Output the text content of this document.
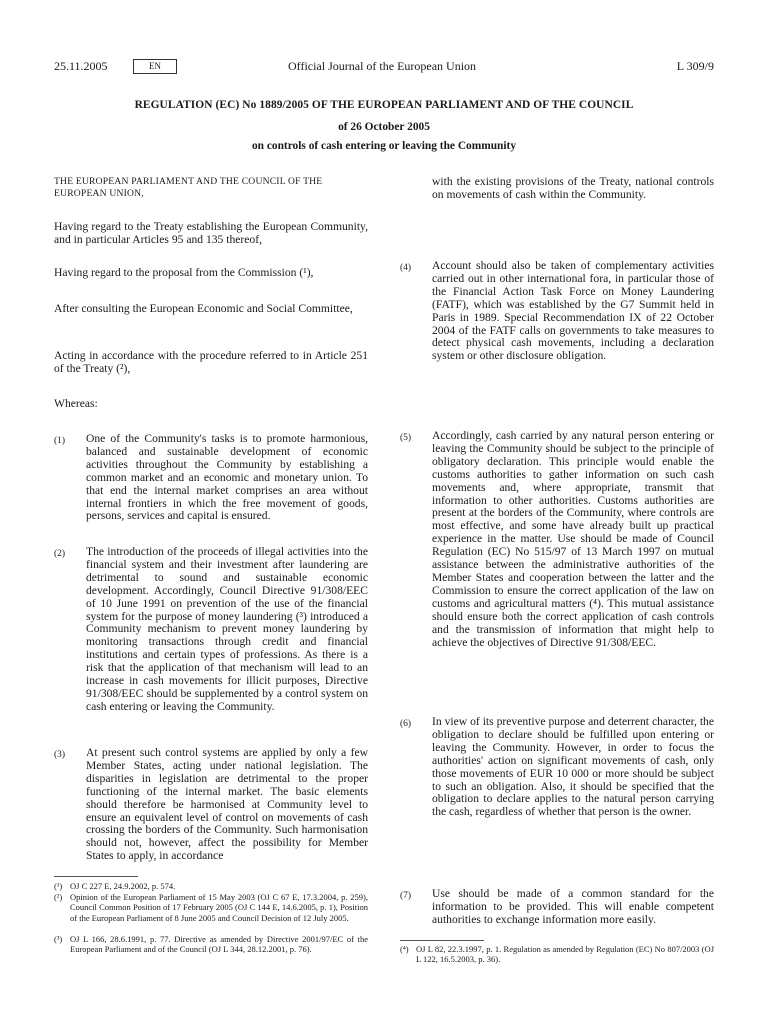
25.11.2005	EN	Official Journal of the European Union	L 309/9
REGULATION (EC) No 1889/2005 OF THE EUROPEAN PARLIAMENT AND OF THE COUNCIL
of 26 October 2005
on controls of cash entering or leaving the Community

THE EUROPEAN PARLIAMENT AND THE COUNCIL OF THE EUROPEAN UNION,

Having regard to the Treaty establishing the European Community, and in particular Articles 95 and 135 thereof,

Having regard to the proposal from the Commission (¹),

After consulting the European Economic and Social Committee,

Acting in accordance with the procedure referred to in Article 251 of the Treaty (²),

Whereas:

(1) One of the Community's tasks is to promote harmonious, balanced and sustainable development of economic activities throughout the Community by establishing a common market and an economic and monetary union. To that end the internal market comprises an area without internal frontiers in which the free movement of goods, persons, services and capital is ensured.
(2) The introduction of the proceeds of illegal activities into the financial system and their investment after laundering are detrimental to sound and sustainable economic development. Accordingly, Council Directive 91/308/EEC of 10 June 1991 on prevention of the use of the financial system for the purpose of money laundering (³) introduced a Community mechanism to prevent money laundering by monitoring transactions through credit and financial institutions and certain types of professions. As there is a risk that the application of that mechanism will lead to an increase in cash movements for illicit purposes, Directive 91/308/EEC should be supplemented by a control system on cash entering or leaving the Community.
(3) At present such control systems are applied by only a few Member States, acting under national legislation. The disparities in legislation are detrimental to the proper functioning of the internal market. The basic elements should therefore be harmonised at Community level to ensure an equivalent level of control on movements of cash crossing the borders of the Community. Such harmonisation should not, however, affect the possibility for Member States to apply, in accordance
with the existing provisions of the Treaty, national controls on movements of cash within the Community.
(4) Account should also be taken of complementary activities carried out in other international fora, in particular those of the Financial Action Task Force on Money Laundering (FATF), which was established by the G7 Summit held in Paris in 1989. Special Recommendation IX of 22 October 2004 of the FATF calls on governments to take measures to detect physical cash movements, including a declaration system or other disclosure obligation.
(5) Accordingly, cash carried by any natural person entering or leaving the Community should be subject to the principle of obligatory declaration. This principle would enable the customs authorities to gather information on such cash movements and, where appropriate, transmit that information to other authorities. Customs authorities are present at the borders of the Community, where controls are most effective, and some have already built up practical experience in the matter. Use should be made of Council Regulation (EC) No 515/97 of 13 March 1997 on mutual assistance between the administrative authorities of the Member States and cooperation between the latter and the Commission to ensure the correct application of the law on customs and agricultural matters (⁴). This mutual assistance should ensure both the correct application of cash controls and the transmission of information that might help to achieve the objectives of Directive 91/308/EEC.
(6) In view of its preventive purpose and deterrent character, the obligation to declare should be fulfilled upon entering or leaving the Community. However, in order to focus the authorities' action on significant movements of cash, only those movements of EUR 10 000 or more should be subject to such an obligation. Also, it should be specified that the obligation to declare applies to the natural person carrying the cash, regardless of whether that person is the owner.
(7) Use should be made of a common standard for the information to be provided. This will enable competent authorities to exchange information more easily.
(¹) OJ C 227 E, 24.9.2002, p. 574.
(²) Opinion of the European Parliament of 15 May 2003 (OJ C 67 E, 17.3.2004, p. 259), Council Common Position of 17 February 2005 (OJ C 144 E, 14.6.2005, p. 1), Position of the European Parliament of 8 June 2005 and Council Decision of 12 July 2005.
(³) OJ L 166, 28.6.1991, p. 77. Directive as amended by Directive 2001/97/EC of the European Parliament and of the Council (OJ L 344, 28.12.2001, p. 76).	(⁴) OJ L 82, 22.3.1997, p. 1. Regulation as amended by Regulation (EC) No 807/2003 (OJ L 122, 16.5.2003, p. 36).
